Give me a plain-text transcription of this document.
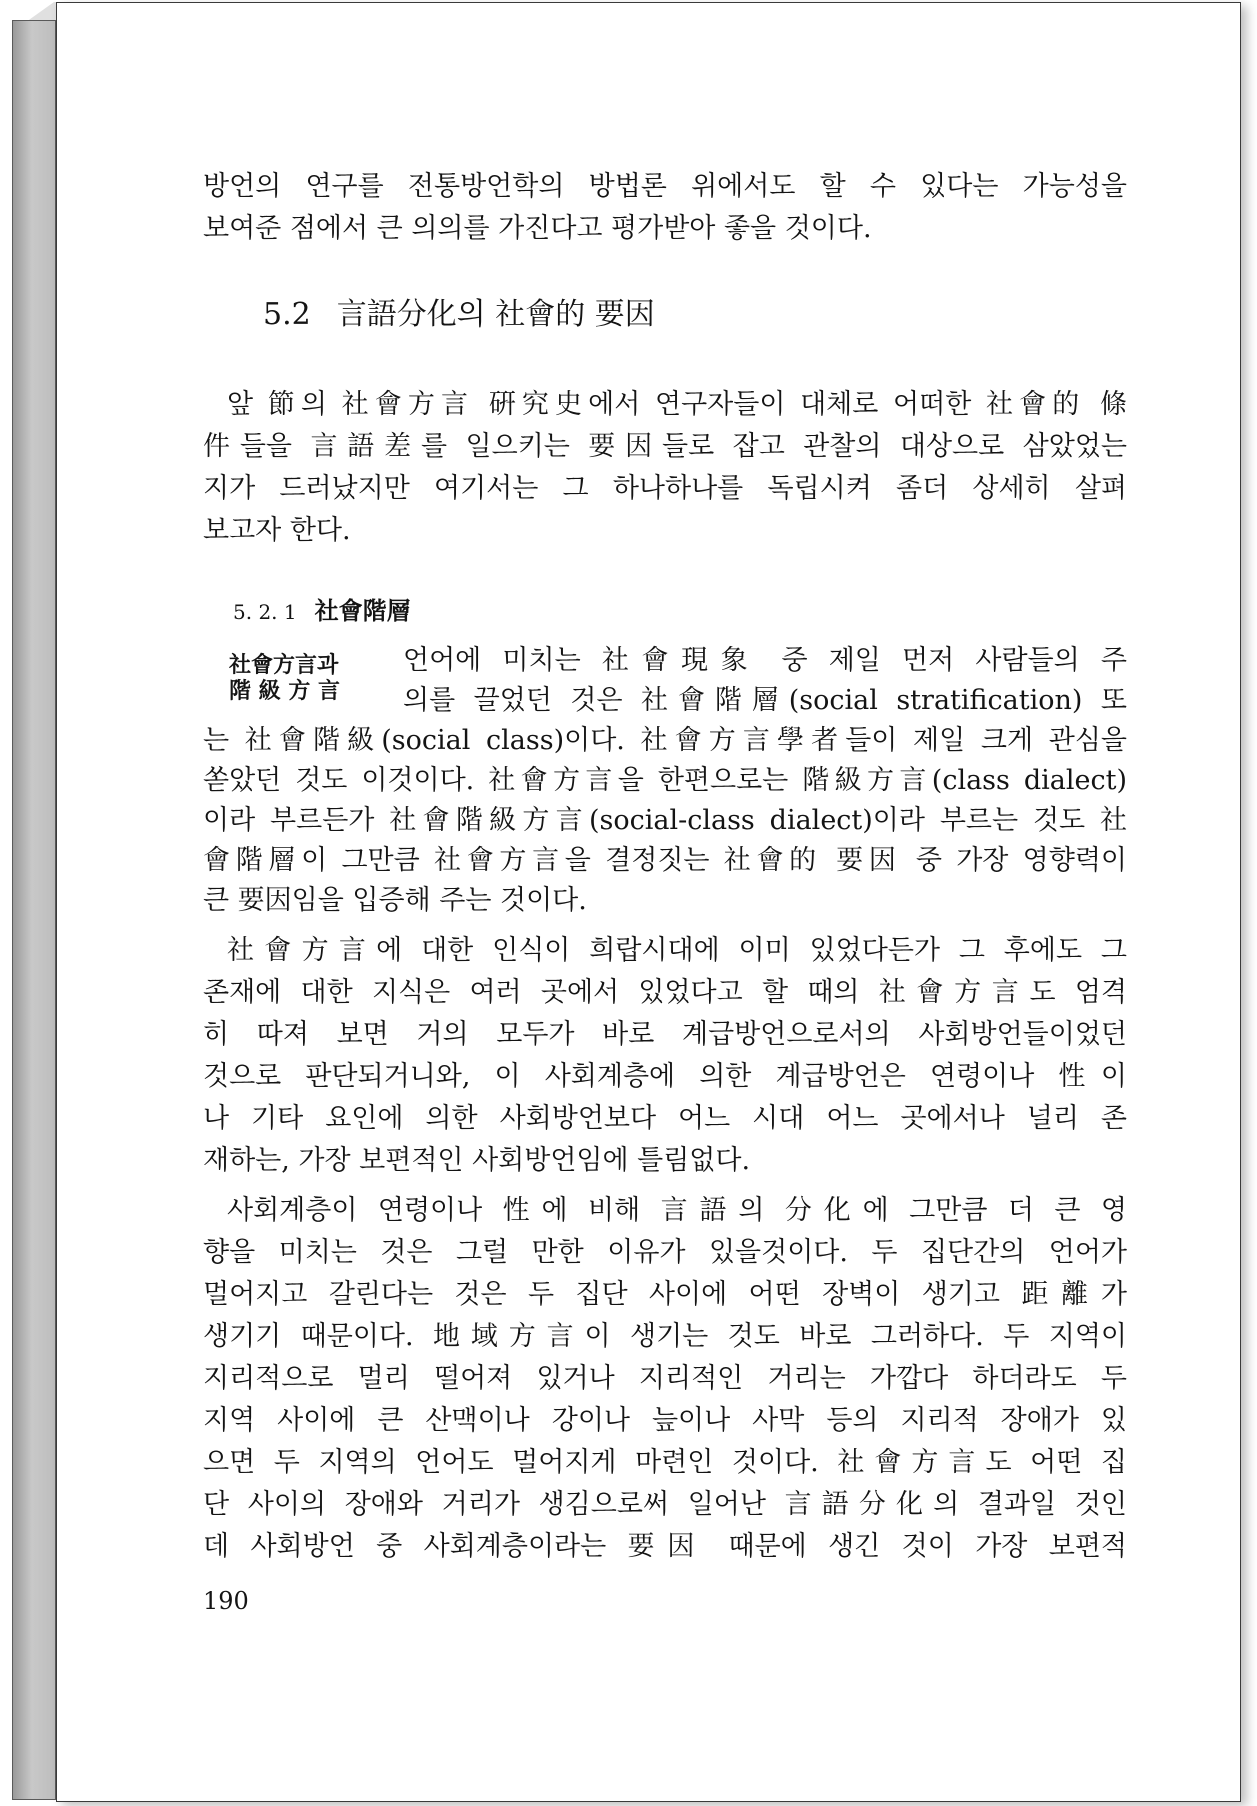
방언의 연구를 전통방언학의 방법론 위에서도 할 수 있다는 가능성을
보여준 점에서 큰 의의를 가진다고 평가받아 좋을 것이다.
5.2 言語分化의 社會的 要因
앞 節의 社會方言 硏究史에서 연구자들이 대체로 어떠한 社會的 條
件들을 言語差를 일으키는 要因들로 잡고 관찰의 대상으로 삼았었는
지가 드러났지만 여기서는 그 하나하나를 독립시켜 좀더 상세히 살펴
보고자 한다.
5. 2. 1 社會階層
社會方言과
階 級 方 言
언어에 미치는 社會現象 중 제일 먼저 사람들의 주
의를 끌었던 것은 社會階層(social stratification) 또
는 社會階級(social class)이다. 社會方言學者들이 제일 크게 관심을
쏟았던 것도 이것이다. 社會方言을 한편으로는 階級方言(class dialect)
이라 부르든가 社會階級方言(social-class dialect)이라 부르는 것도 社
會階層이 그만큼 社會方言을 결정짓는 社會的 要因 중 가장 영향력이
큰 要因임을 입증해 주는 것이다.
社會方言에 대한 인식이 희랍시대에 이미 있었다든가 그 후에도 그
존재에 대한 지식은 여러 곳에서 있었다고 할 때의 社會方言도 엄격
히 따져 보면 거의 모두가 바로 계급방언으로서의 사회방언들이었던
것으로 판단되거니와, 이 사회계층에 의한 계급방언은 연령이나 性이
나 기타 요인에 의한 사회방언보다 어느 시대 어느 곳에서나 널리 존
재하는, 가장 보편적인 사회방언임에 틀림없다.
사회계층이 연령이나 性에 비해 言語의 分化에 그만큼 더 큰 영
향을 미치는 것은 그럴 만한 이유가 있을것이다. 두 집단간의 언어가
멀어지고 갈린다는 것은 두 집단 사이에 어떤 장벽이 생기고 距離가
생기기 때문이다. 地域方言이 생기는 것도 바로 그러하다. 두 지역이
지리적으로 멀리 떨어져 있거나 지리적인 거리는 가깝다 하더라도 두
지역 사이에 큰 산맥이나 강이나 늪이나 사막 등의 지리적 장애가 있
으면 두 지역의 언어도 멀어지게 마련인 것이다. 社會方言도 어떤 집
단 사이의 장애와 거리가 생김으로써 일어난 言語分化의 결과일 것인
데 사회방언 중 사회계층이라는 要因 때문에 생긴 것이 가장 보편적
190
